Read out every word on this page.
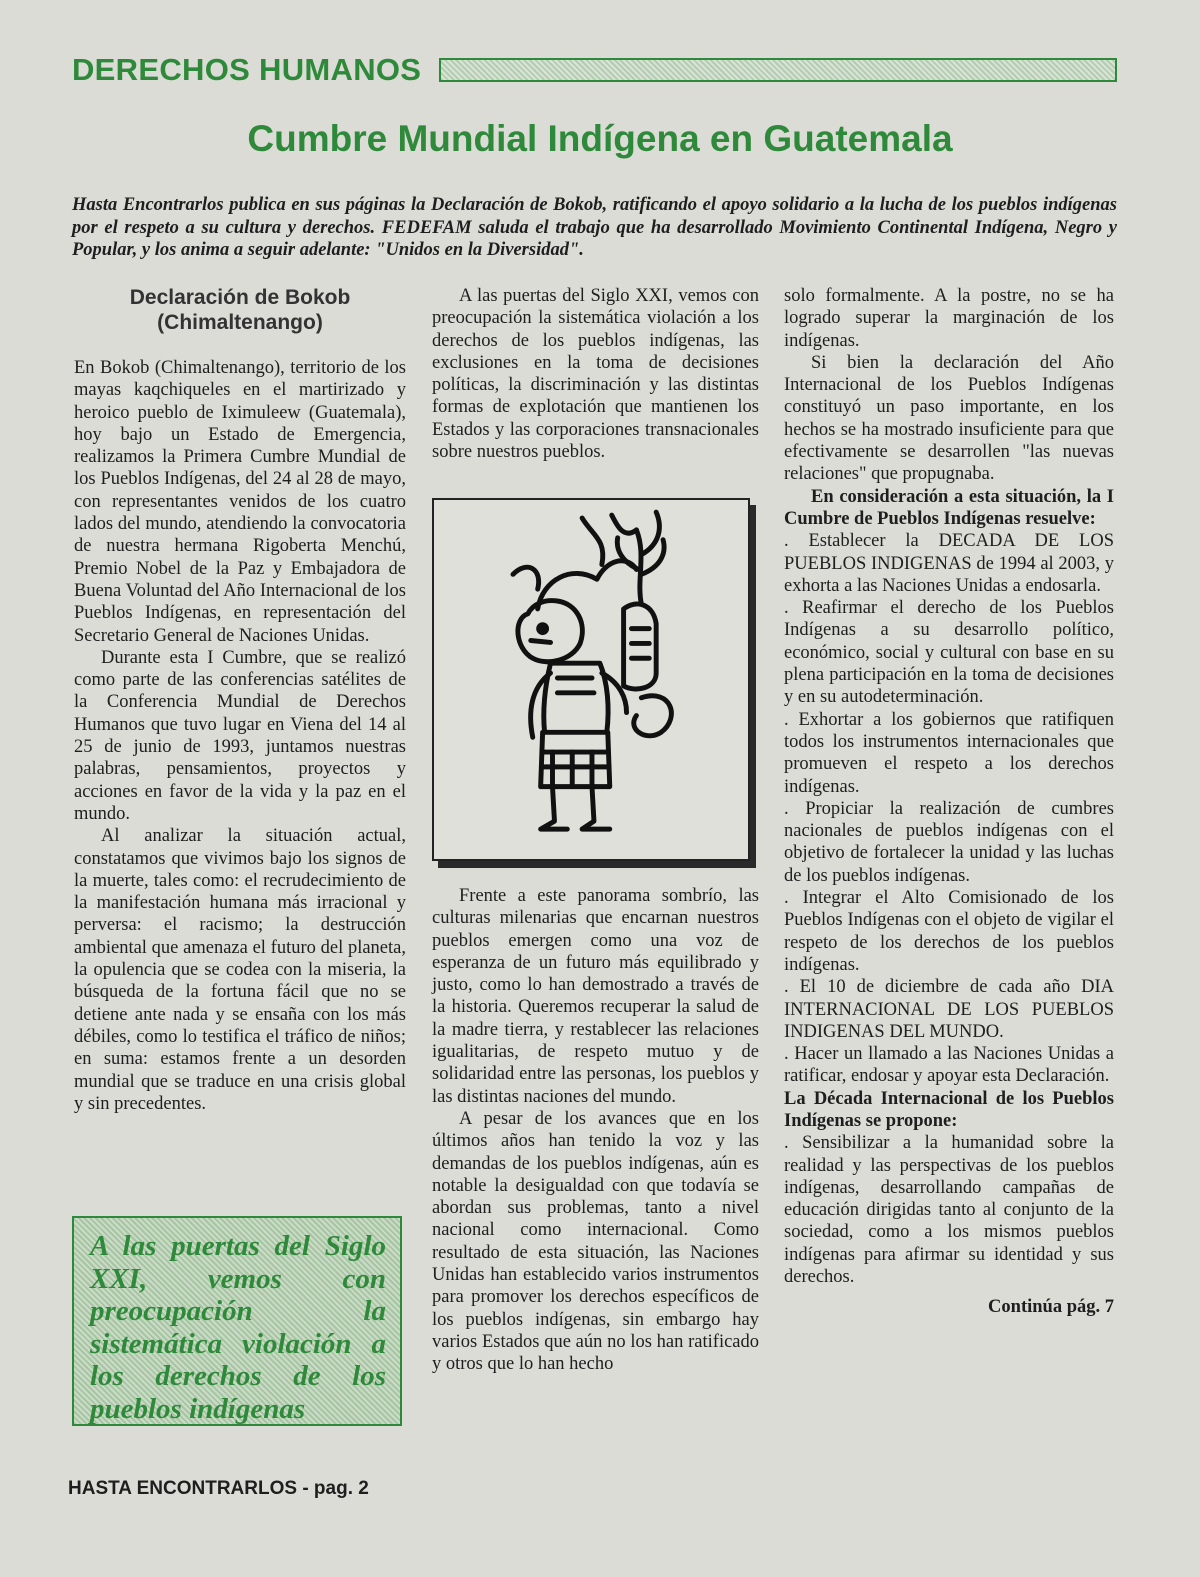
DERECHOS HUMANOS
Cumbre Mundial Indígena en Guatemala
Hasta Encontrarlos publica en sus páginas la Declaración de Bokob, ratificando el apoyo solidario a la lucha de los pueblos indígenas por el respeto a su cultura y derechos. FEDEFAM saluda el trabajo que ha desarrollado Movimiento Continental Indígena, Negro y Popular, y los anima a seguir adelante: "Unidos en la Diversidad".
Declaración de Bokob (Chimaltenango)

En Bokob (Chimaltenango), territorio de los mayas kaqchiqueles en el martirizado y heroico pueblo de Iximuleew (Guatemala), hoy bajo un Estado de Emergencia, realizamos la Primera Cumbre Mundial de los Pueblos Indígenas, del 24 al 28 de mayo, con representantes venidos de los cuatro lados del mundo, atendiendo la convocatoria de nuestra hermana Rigoberta Menchú, Premio Nobel de la Paz y Embajadora de Buena Voluntad del Año Internacional de los Pueblos Indígenas, en representación del Secretario General de Naciones Unidas.

Durante esta I Cumbre, que se realizó como parte de las conferencias satélites de la Conferencia Mundial de Derechos Humanos que tuvo lugar en Viena del 14 al 25 de junio de 1993, juntamos nuestras palabras, pensamientos, proyectos y acciones en favor de la vida y la paz en el mundo.

Al analizar la situación actual, constatamos que vivimos bajo los signos de la muerte, tales como: el recrudecimiento de la manifestación humana más irracional y perversa: el racismo; la destrucción ambiental que amenaza el futuro del planeta, la opulencia que se codea con la miseria, la búsqueda de la fortuna fácil que no se detiene ante nada y se ensaña con los más débiles, como lo testifica el tráfico de niños; en suma: estamos frente a un desorden mundial que se traduce en una crisis global y sin precedentes.

A las puertas del Siglo XXI, vemos con preocupación la sistemática violación a los derechos de los pueblos indígenas

A las puertas del Siglo XXI, vemos con preocupación la sistemática violación a los derechos de los pueblos indígenas, las exclusiones en la toma de decisiones políticas, la discriminación y las distintas formas de explotación que mantienen los Estados y las corporaciones transnacionales sobre nuestros pueblos.

Frente a este panorama sombrío, las culturas milenarias que encarnan nuestros pueblos emergen como una voz de esperanza de un futuro más equilibrado y justo, como lo han demostrado a través de la historia. Queremos recuperar la salud de la madre tierra, y restablecer las relaciones igualitarias, de respeto mutuo y de solidaridad entre las personas, los pueblos y las distintas naciones del mundo.

A pesar de los avances que en los últimos años han tenido la voz y las demandas de los pueblos indígenas, aún es notable la desigualdad con que todavía se abordan sus problemas, tanto a nivel nacional como internacional. Como resultado de esta situación, las Naciones Unidas han establecido varios instrumentos para promover los derechos específicos de los pueblos indígenas, sin embargo hay varios Estados que aún no los han ratificado y otros que lo han hecho

solo formalmente. A la postre, no se ha logrado superar la marginación de los indígenas.

Si bien la declaración del Año Internacional de los Pueblos Indígenas constituyó un paso importante, en los hechos se ha mostrado insuficiente para que efectivamente se desarrollen "las nuevas relaciones" que propugnaba.

En consideración a esta situación, la I Cumbre de Pueblos Indígenas resuelve:

. Establecer la DECADA DE LOS PUEBLOS INDIGENAS de 1994 al 2003, y exhorta a las Naciones Unidas a endosarla.

. Reafirmar el derecho de los Pueblos Indígenas a su desarrollo político, económico, social y cultural con base en su plena participación en la toma de decisiones y en su autodeterminación.

. Exhortar a los gobiernos que ratifiquen todos los instrumentos internacionales que promueven el respeto a los derechos indígenas.

. Propiciar la realización de cumbres nacionales de pueblos indígenas con el objetivo de fortalecer la unidad y las luchas de los pueblos indígenas.

. Integrar el Alto Comisionado de los Pueblos Indígenas con el objeto de vigilar el respeto de los derechos de los pueblos indígenas.

. El 10 de diciembre de cada año DIA INTERNACIONAL DE LOS PUEBLOS INDIGENAS DEL MUNDO.

. Hacer un llamado a las Naciones Unidas a ratificar, endosar y apoyar esta Declaración.

La Década Internacional de los Pueblos Indígenas se propone:

. Sensibilizar a la humanidad sobre la realidad y las perspectivas de los pueblos indígenas, desarrollando campañas de educación dirigidas tanto al conjunto de la sociedad, como a los mismos pueblos indígenas para afirmar su identidad y sus derechos.

Continúa pág. 7

HASTA ENCONTRARLOS - pag. 2
